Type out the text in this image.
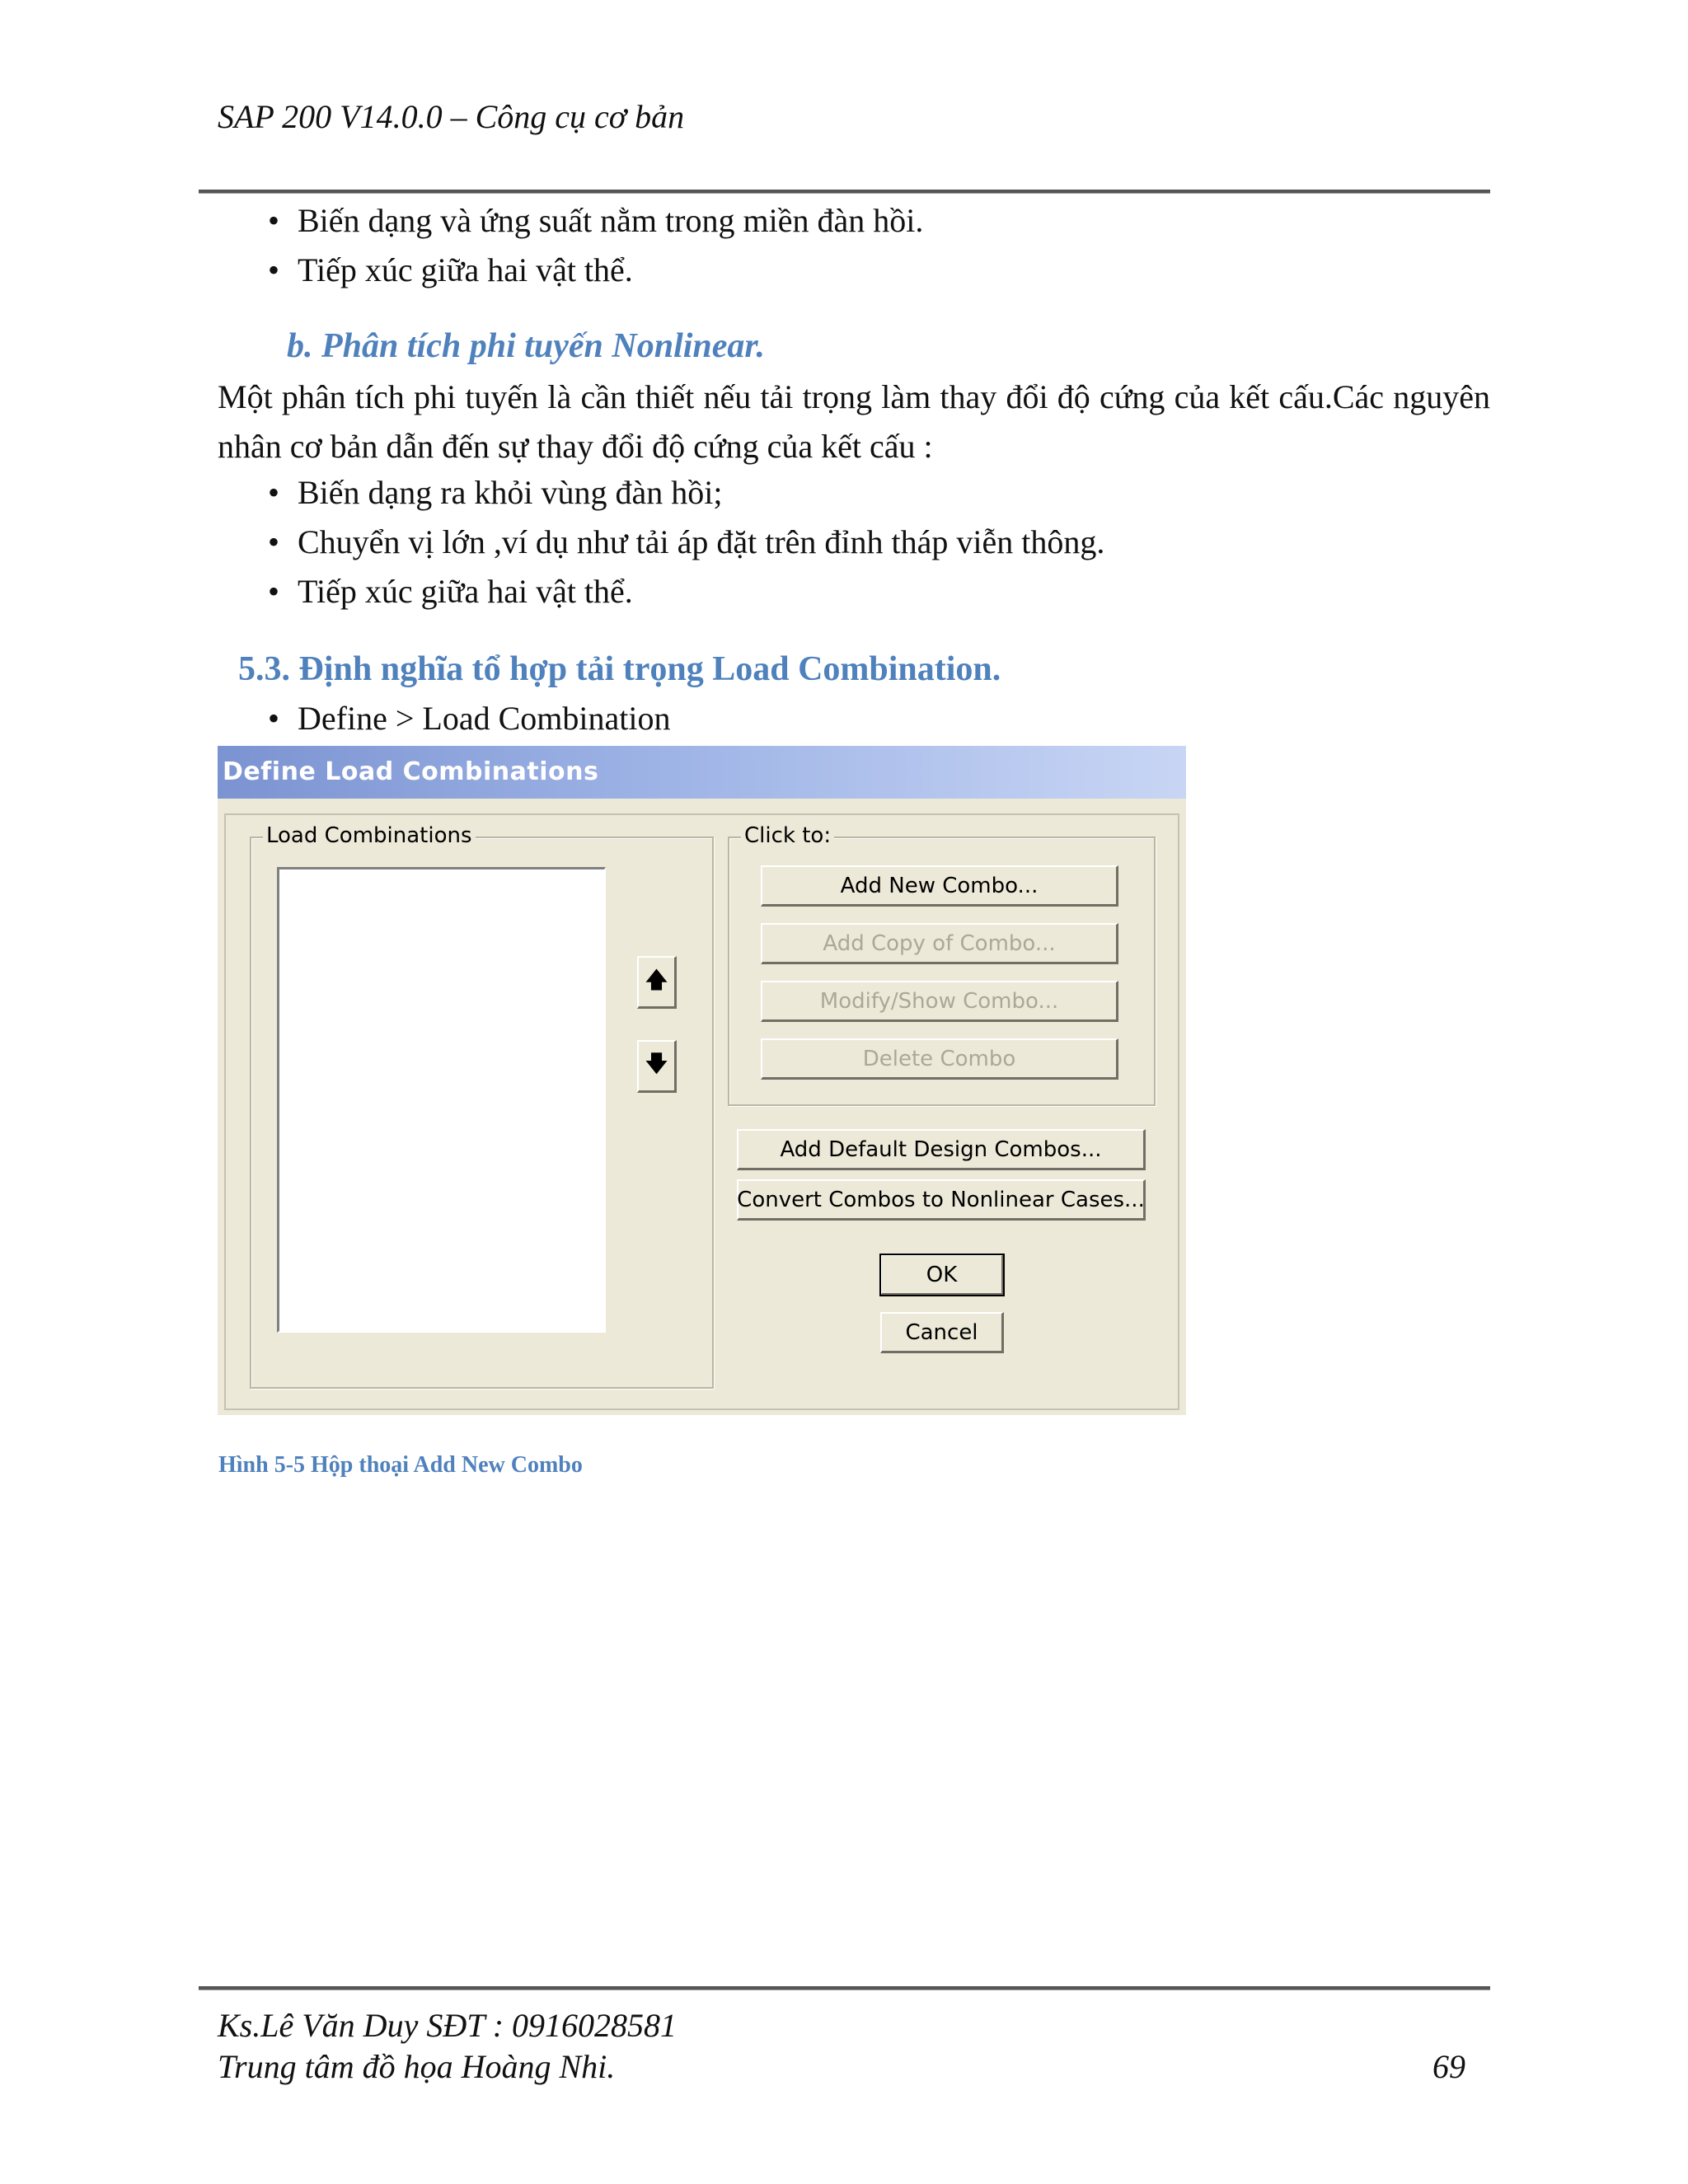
SAP 200 V14.0.0 – Công cụ cơ bản
• Biến dạng và ứng suất nằm trong miền đàn hồi.
• Tiếp xúc giữa hai vật thể.
b. Phân tích phi tuyến Nonlinear.
Một phân tích phi tuyến là cần thiết nếu tải trọng làm thay đổi độ cứng của kết cấu.Các nguyên nhân cơ bản dẫn đến sự thay đổi độ cứng của kết cấu :
• Biến dạng ra khỏi vùng đàn hồi;
• Chuyển vị lớn ,ví dụ như tải áp đặt trên đỉnh tháp viễn thông.
• Tiếp xúc giữa hai vật thể.
5.3. Định nghĩa tổ hợp tải trọng Load Combination.
• Define > Load Combination
Define Load Combinations
Load Combinations
🡅
🡇
Click to:
Add New Combo...
Add Copy of Combo...
Modify/Show Combo...
Delete Combo
Add Default Design Combos...
Convert Combos to Nonlinear Cases...
OK
Cancel
Hình 5-5 Hộp thoại Add New Combo
Ks.Lê Văn Duy SĐT : 0916028581
Trung tâm đồ họa Hoàng Nhi.	69
